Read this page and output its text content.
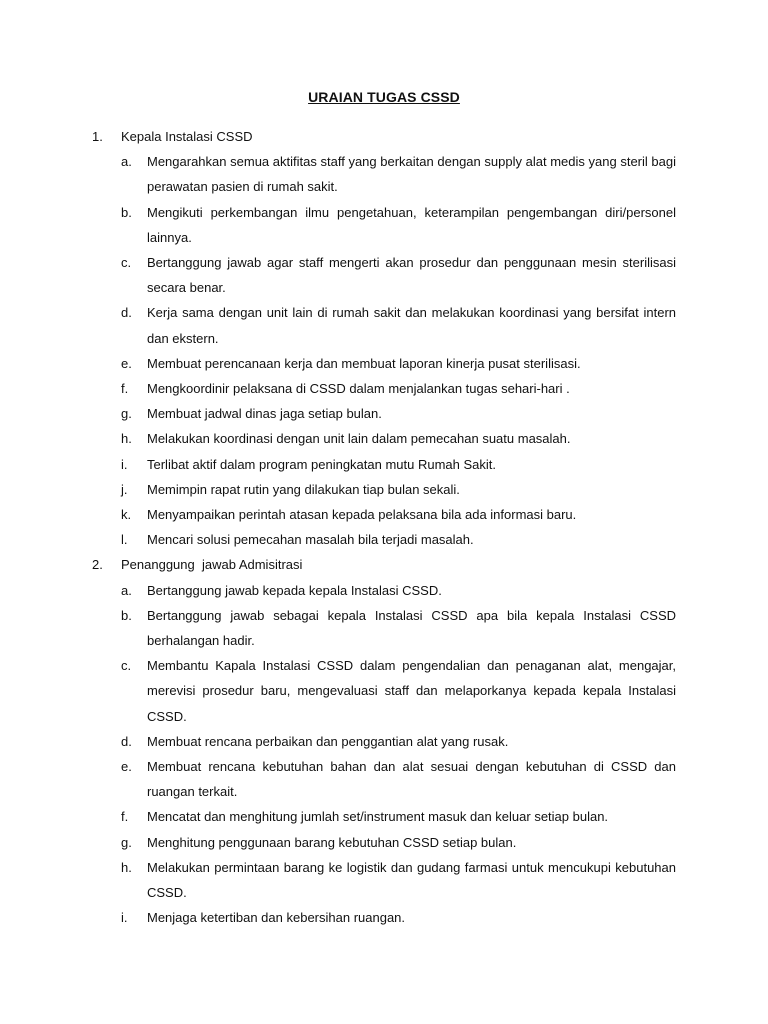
URAIAN TUGAS CSSD
1.	Kepala Instalasi CSSD
a.	Mengarahkan semua aktifitas staff yang berkaitan dengan supply alat medis yang steril bagi perawatan pasien di rumah sakit.
b.	Mengikuti perkembangan ilmu pengetahuan, keterampilan pengembangan diri/personel lainnya.
c.	Bertanggung jawab agar staff mengerti akan prosedur dan penggunaan mesin sterilisasi secara benar.
d.	Kerja sama dengan unit lain di rumah sakit dan melakukan koordinasi yang bersifat intern dan ekstern.
e.	Membuat perencanaan kerja dan membuat laporan kinerja pusat sterilisasi.
f.	Mengkoordinir pelaksana di CSSD dalam menjalankan tugas sehari-hari .
g.	Membuat jadwal dinas jaga setiap bulan.
h.	Melakukan koordinasi dengan unit lain dalam pemecahan suatu masalah.
i.	Terlibat aktif dalam program peningkatan mutu Rumah Sakit.
j.	Memimpin rapat rutin yang dilakukan tiap bulan sekali.
k.	Menyampaikan perintah atasan kepada pelaksana bila ada informasi baru.
l.	Mencari solusi pemecahan masalah bila terjadi masalah.
2.	Penanggung  jawab Admisitrasi
a.	Bertanggung jawab kepada kepala Instalasi CSSD.
b.	Bertanggung jawab sebagai kepala Instalasi CSSD apa bila kepala Instalasi CSSD berhalangan hadir.
c.	Membantu Kapala Instalasi CSSD dalam pengendalian dan penaganan alat, mengajar, merevisi prosedur baru, mengevaluasi staff dan melaporkanya kepada kepala Instalasi CSSD.
d.	Membuat rencana perbaikan dan penggantian alat yang rusak.
e.	Membuat rencana kebutuhan bahan dan alat sesuai dengan kebutuhan di CSSD dan ruangan terkait.
f.	Mencatat dan menghitung jumlah set/instrument masuk dan keluar setiap bulan.
g.	Menghitung penggunaan barang kebutuhan CSSD setiap bulan.
h.	Melakukan permintaan barang ke logistik dan gudang farmasi untuk mencukupi kebutuhan CSSD.
i.	Menjaga ketertiban dan kebersihan ruangan.
